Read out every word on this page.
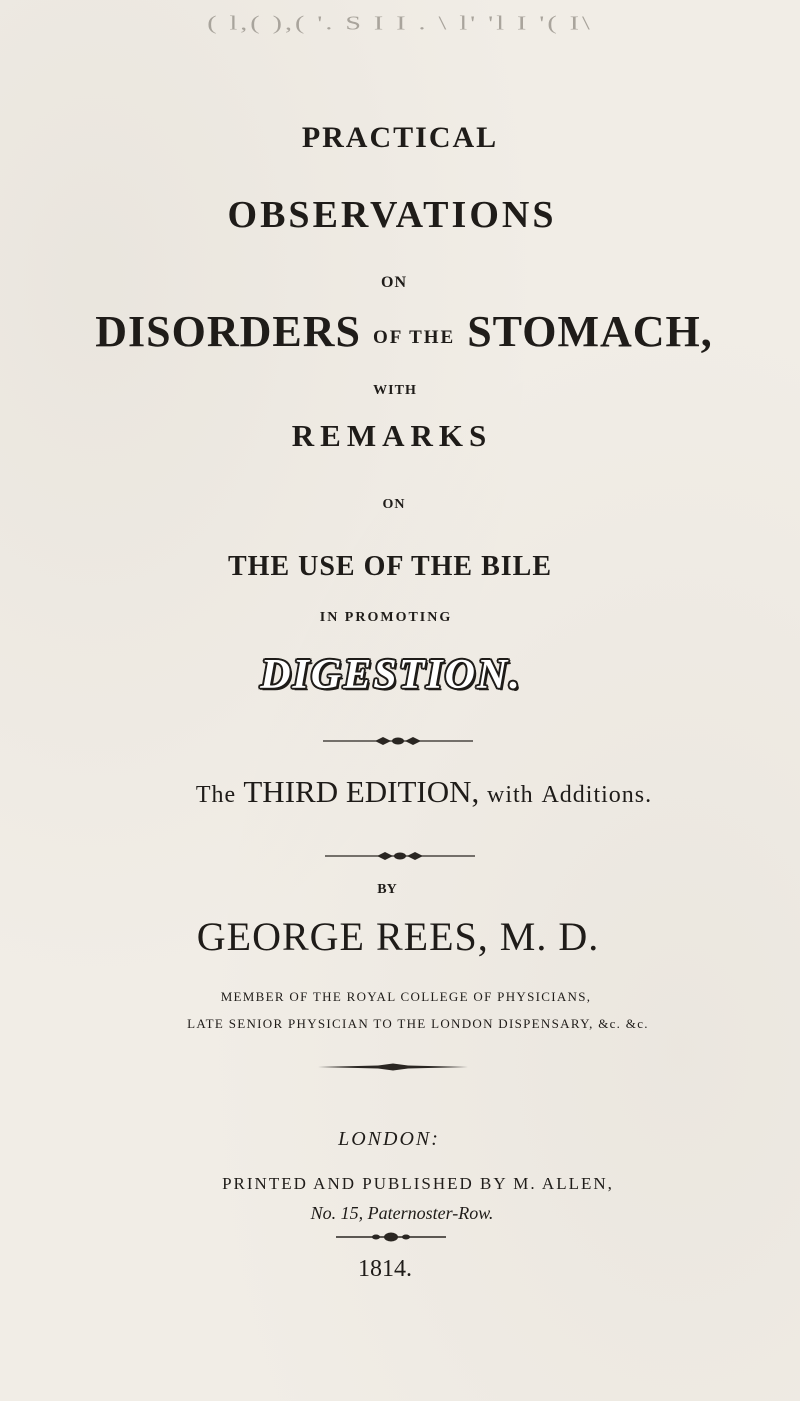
( l,( ),( '. S I I . \ l' 'l I '( I\
PRACTICAL
OBSERVATIONS
ON
DISORDERS OF THE STOMACH,
WITH
REMARKS
ON
THE USE OF THE BILE
IN PROMOTING
DIGESTION.
The THIRD EDITION, with Additions.
BY
GEORGE REES, M. D.
MEMBER OF THE ROYAL COLLEGE OF PHYSICIANS,
LATE SENIOR PHYSICIAN TO THE LONDON DISPENSARY, &c. &c.
LONDON:
PRINTED AND PUBLISHED BY M. ALLEN,
No. 15, Paternoster-Row.
1814.
